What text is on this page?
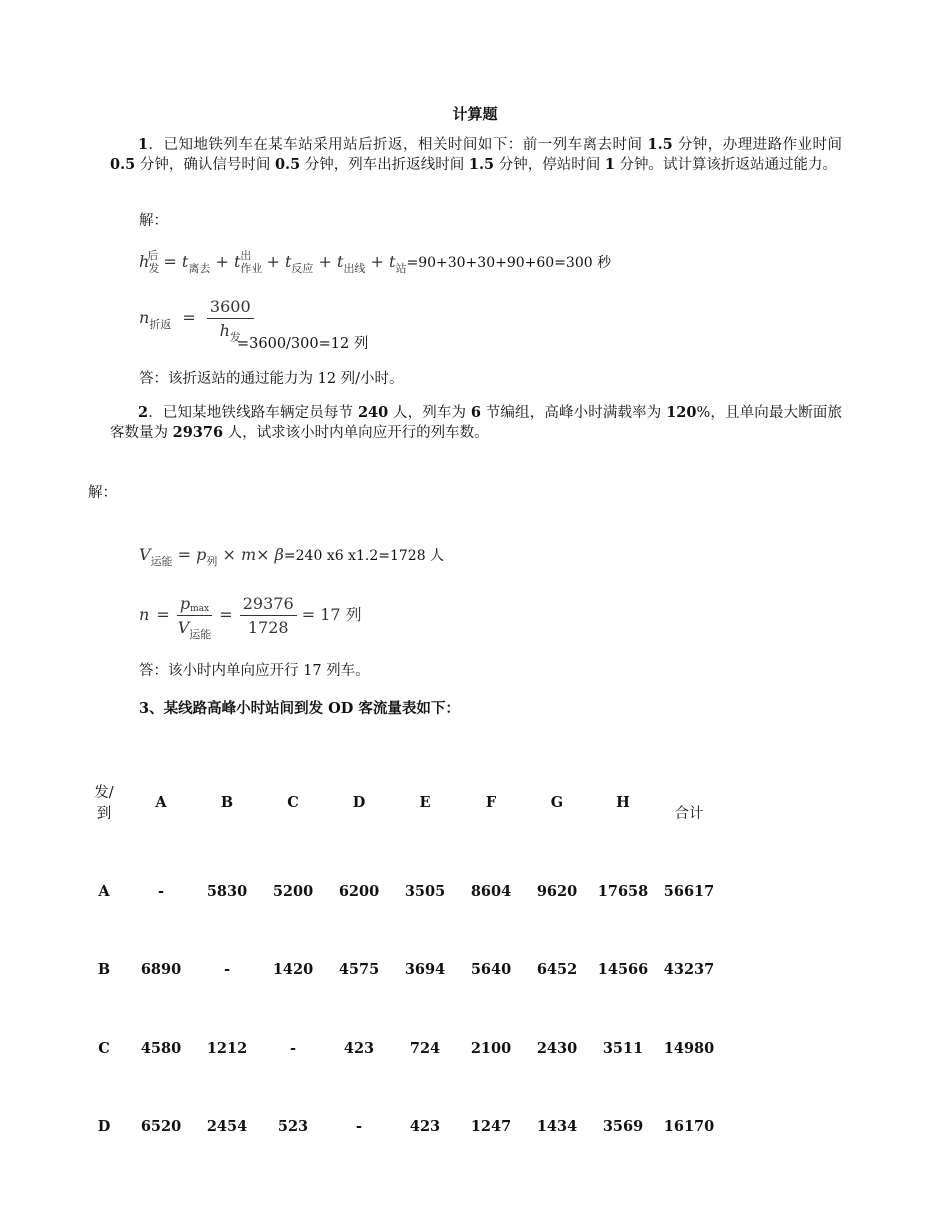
计算题
1．已知地铁列车在某车站采用站后折返，相关时间如下：前一列车离去时间 1.5 分钟，办理进路作业时间 0.5 分钟，确认信号时间 0.5 分钟，列车出折返线时间 1.5 分钟，停站时间 1 分钟。试计算该折返站通过能力。
解：
$h_发^后 = t_{离去} + t_{作业}^出 + t_{反应} + t_{出线} + t_站=90+30+30+90+60=300$ 秒
$n_{折返} = \frac{3600}{h_发}$
=3600/300=12 列
答：该折返站的通过能力为 12 列/小时。
2．已知某地铁线路车辆定员每节 240 人，列车为 6 节编组，高峰小时满载率为 120%，且单向最大断面旅客数量为 29376 人，试求该小时内单向应开行的列车数。
解：
$V_{运能} = p_列 \times m\times \beta=240$ x6 x1.2=1728 人
$n = \frac{pmax}{V_{运能}} = \frac{29376}{1728} = 17$ 列
答：该小时内单向应开行 17 列车。
3、某线路高峰小时站间到发 OD 客流量表如下：
发/
到	A	B	C	D	E	F	G	H	合计
A	-	5830	5200	6200	3505	8604	9620	17658	56617
B	6890	-	1420	4575	3694	5640	6452	14566	43237
C	4580	1212	-	423	724	2100	2430	3511	14980
D	6520	2454	523	-	423	1247	1434	3569	16170
